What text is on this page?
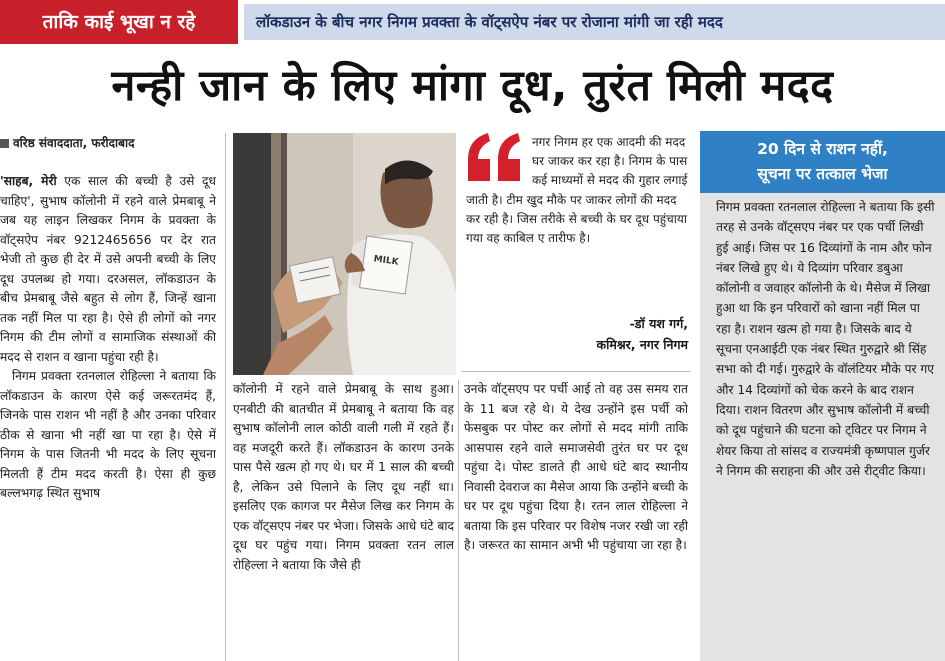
ताकि काई भूखा न रहे	लॉकडाउन के बीच नगर निगम प्रवक्ता के वॉट्सऐप नंबर पर रोजाना मांगी जा रही मदद
नन्ही जान के लिए मांगा दूध, तुरंत मिली मदद
वरिष्ठ संवाददाता, फरीदाबाद

'साहब, मेरी एक साल की बच्ची है उसे दूध चाहिए', सुभाष कॉलोनी में रहने वाले प्रेमबाबू ने जब यह लाइन लिखकर निगम के प्रवक्ता के वॉट्सऐप नंबर 9212465656 पर देर रात भेजी तो कुछ ही देर में उसे अपनी बच्ची के लिए दूध उपलब्ध हो गया। दरअसल, लॉकडाउन के बीच प्रेमबाबू जैसे बहुत से लोग हैं, जिन्हें खाना तक नहीं मिल पा रहा है। ऐसे ही लोगों को नगर निगम की टीम लोगों व सामाजिक संस्थाओं की मदद से राशन व खाना पहुंचा रही है।

निगम प्रवक्ता रतनलाल रोहिल्ला ने बताया कि लॉकडाउन के कारण ऐसे कई जरूरतमंद हैं, जिनके पास राशन भी नहीं है और उनका परिवार ठीक से खाना भी नहीं खा पा रहा है। ऐसे में निगम के पास जितनी भी मदद के लिए सूचना मिलती हैं टीम मदद करती है। ऐसा ही कुछ बल्लभगढ़ स्थित सुभाष

MILK

कॉलोनी में रहने वाले प्रेमबाबू के साथ हुआ। एनबीटी की बातचीत में प्रेमबाबू ने बताया कि वह सुभाष कॉलोनी लाल कोठी वाली गली में रहते हैं। वह मजदूरी करते हैं। लॉकडाउन के कारण उनके पास पैसे खत्म हो गए थे। घर में 1 साल की बच्ची है, लेकिन उसे पिलाने के लिए दूध नहीं था। इसलिए एक कागज पर मैसेज लिख कर निगम के एक वॉट्सएप नंबर पर भेजा। जिसके आधे घंटे बाद दूध घर पहुंच गया। निगम प्रवक्ता रतन लाल रोहिल्ला ने बताया कि जैसे ही

नगर निगम हर एक आदमी की मदद घर जाकर कर रहा है। निगम के पास कई माध्यमों से मदद की गुहार लगाई जाती है। टीम खुद मौके पर जाकर लोगों की मदद कर रही है। जिस तरीके से बच्ची के घर दूध पहुंचाया गया वह काबिल ए तारीफ है।
-डॉ यश गर्ग,
कमिश्नर, नगर निगम

उनके वॉट्सएप पर पर्ची आई तो वह उस समय रात के 11 बज रहे थे। ये देख उन्होंने इस पर्ची को फेसबुक पर पोस्ट कर लोगों से मदद मांगी ताकि आसपास रहने वाले समाजसेवी तुरंत घर पर दूध पहुंचा दे। पोस्ट डालते ही आधे घंटे बाद स्थानीय निवासी देवराज का मैसेज आया कि उन्होंने बच्ची के घर पर दूध पहुंचा दिया है। रतन लाल रोहिल्ला ने बताया कि इस परिवार पर विशेष नजर रखी जा रही है। जरूरत का सामान अभी भी पहुंचाया जा रहा है।

20 दिन से राशन नहीं,
सूचना पर तत्काल भेजा
निगम प्रवक्ता रतनलाल रोहिल्ला ने बताया कि इसी तरह से उनके वॉट्सएप नंबर पर एक पर्ची लिखी हुई आई। जिस पर 16 दिव्यांगों के नाम और फोन नंबर लिखे हुए थे। ये दिव्यांग परिवार डबुआ कॉलोनी व जवाहर कॉलोनी के थे। मैसेज में लिखा हुआ था कि इन परिवारों को खाना नहीं मिल पा रहा है। राशन खत्म हो गया है। जिसके बाद ये सूचना एनआईटी एक नंबर स्थित गुरुद्वारे श्री सिंह सभा को दी गई। गुरुद्वारे के वॉलंटियर मौके पर गए और 14 दिव्यांगों को चेक करने के बाद राशन दिया। राशन वितरण और सुभाष कॉलोनी में बच्ची को दूध पहुंचाने की घटना को ट्विटर पर निगम ने शेयर किया तो सांसद व राज्यमंत्री कृष्णपाल गुर्जर ने निगम की सराहना की और उसे रीट्वीट किया।
